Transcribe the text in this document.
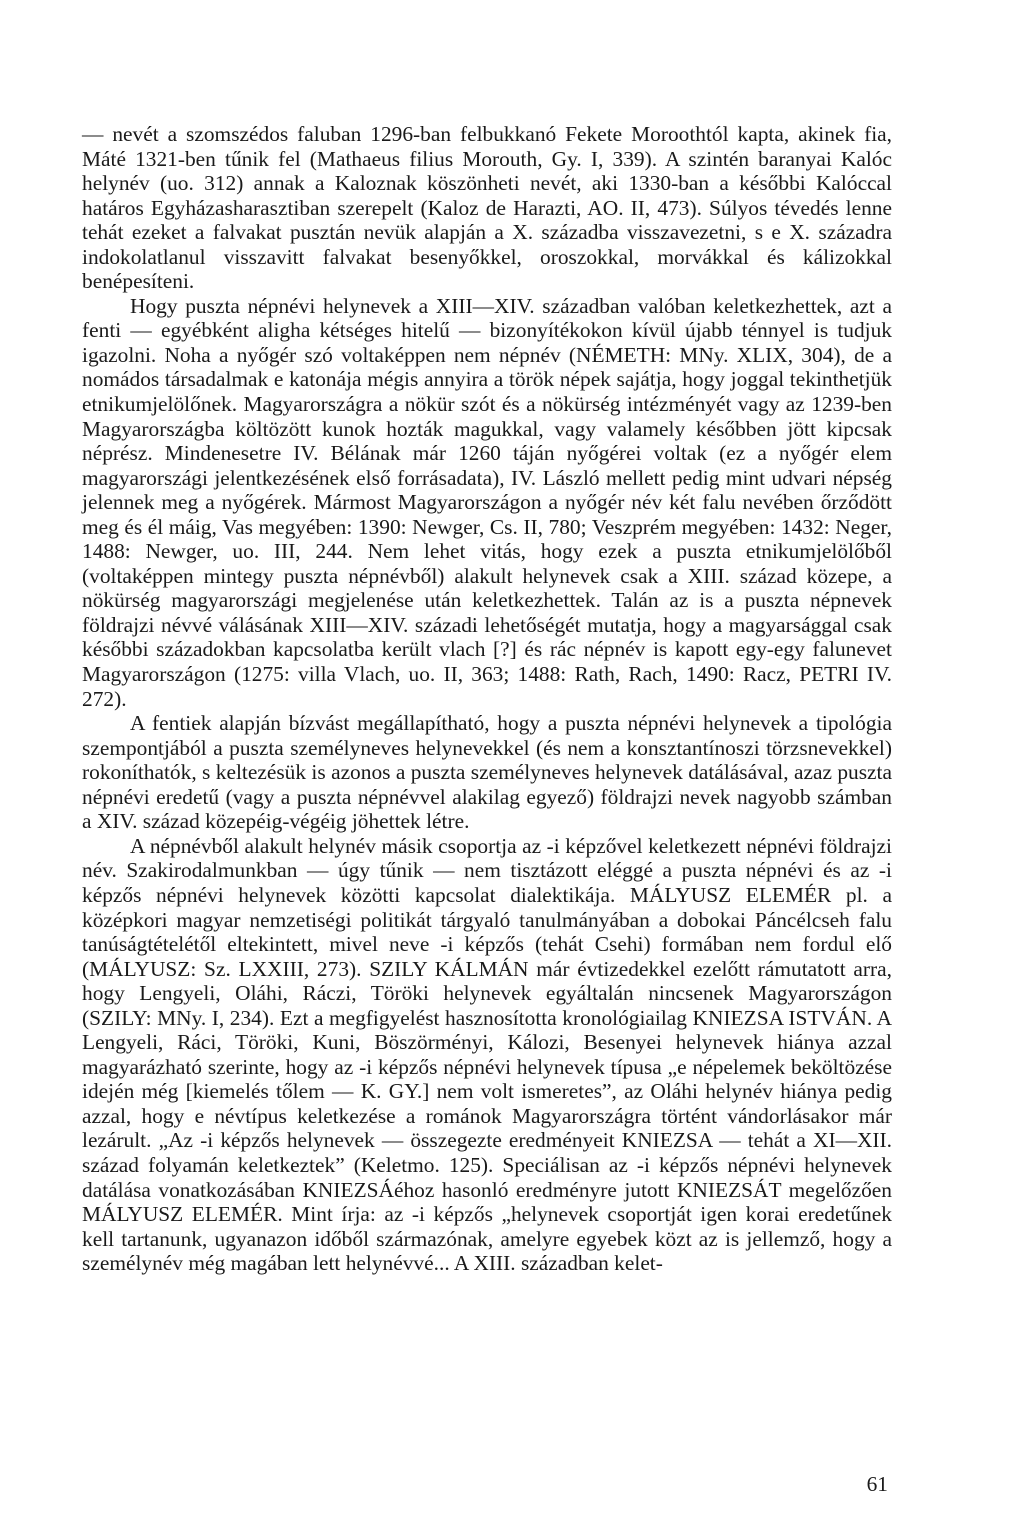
— nevét a szomszédos faluban 1296-ban felbukkanó Fekete Moroothtól kapta, akinek fia, Máté 1321-ben tűnik fel (Mathaeus filius Morouth, Gy. I, 339). A szintén baranyai Kalóc helynév (uo. 312) annak a Kaloznak köszönheti nevét, aki 1330-ban a későbbi Kalóccal határos Egyházasharasztiban szerepelt (Kaloz de Harazti, AO. II, 473). Súlyos tévedés lenne tehát ezeket a falvakat pusztán nevük alapján a X. századba visszavezetni, s e X. századra indokolatlanul visszavitt falvakat besenyőkkel, oroszokkal, morvákkal és kálizokkal benépesíteni.

Hogy puszta népnévi helynevek a XIII—XIV. században valóban keletkezhettek, azt a fenti — egyébként aligha kétséges hitelű — bizonyítékokon kívül újabb ténnyel is tudjuk igazolni. Noha a nyőgér szó voltaképpen nem népnév (NÉMETH: MNy. XLIX, 304), de a nomádos társadalmak e katonája mégis annyira a török népek sajátja, hogy joggal tekinthetjük etnikumjelölőnek. Magyarországra a nökür szót és a nökürség intézményét vagy az 1239-ben Magyarországba költözött kunok hozták magukkal, vagy valamely későbben jött kipcsak néprész. Mindenesetre IV. Bélának már 1260 táján nyőgérei voltak (ez a nyőgér elem magyarországi jelentkezésének első forrásadata), IV. László mellett pedig mint udvari népség jelennek meg a nyőgérek. Mármost Magyarországon a nyőgér név két falu nevében őrződött meg és él máig, Vas megyében: 1390: Newger, Cs. II, 780; Veszprém megyében: 1432: Neger, 1488: Newger, uo. III, 244. Nem lehet vitás, hogy ezek a puszta etnikumjelölőből (voltaképpen mintegy puszta népnévből) alakult helynevek csak a XIII. század közepe, a nökürség magyarországi megjelenése után keletkezhettek. Talán az is a puszta népnevek földrajzi névvé válásának XIII—XIV. századi lehetőségét mutatja, hogy a magyarsággal csak későbbi századokban kapcsolatba került vlach [?] és rác népnév is kapott egy-egy falunevet Magyarországon (1275: villa Vlach, uo. II, 363; 1488: Rath, Rach, 1490: Racz, PETRI IV. 272).

A fentiek alapján bízvást megállapítható, hogy a puszta népnévi helynevek a tipológia szempontjából a puszta személyneves helynevekkel (és nem a konsztantínoszi törzsnevekkel) rokoníthatók, s keltezésük is azonos a puszta személyneves helynevek datálásával, azaz puszta népnévi eredetű (vagy a puszta népnévvel alakilag egyező) földrajzi nevek nagyobb számban a XIV. század közepéig-végéig jöhettek létre.

A népnévből alakult helynév másik csoportja az -i képzővel keletkezett népnévi földrajzi név. Szakirodalmunkban — úgy tűnik — nem tisztázott eléggé a puszta népnévi és az -i képzős népnévi helynevek közötti kapcsolat dialektikája. MÁLYUSZ ELEMÉR pl. a középkori magyar nemzetiségi politikát tárgyaló tanulmányában a dobokai Páncélcseh falu tanúságtételétől eltekintett, mivel neve -i képzős (tehát Csehi) formában nem fordul elő (MÁLYUSZ: Sz. LXXIII, 273). SZILY KÁLMÁN már évtizedekkel ezelőtt rámutatott arra, hogy Lengyeli, Oláhi, Ráczi, Töröki helynevek egyáltalán nincsenek Magyarországon (SZILY: MNy. I, 234). Ezt a megfigyelést hasznosította kronológiailag KNIEZSA ISTVÁN. A Lengyeli, Ráci, Töröki, Kuni, Böszörményi, Kálozi, Besenyei helynevek hiánya azzal magyarázható szerinte, hogy az -i képzős népnévi helynevek típusa „e népelemek beköltözése idején még [kiemelés tőlem — K. GY.] nem volt ismeretes”, az Oláhi helynév hiánya pedig azzal, hogy e névtípus keletkezése a románok Magyarországra történt vándorlásakor már lezárult. „Az -i képzős helynevek — összegezte eredményeit KNIEZSA — tehát a XI—XII. század folyamán keletkeztek” (Keletmo. 125). Speciálisan az -i képzős népnévi helynevek datálása vonatkozásában KNIEZSÁéhoz hasonló eredményre jutott KNIEZSÁT megelőzően MÁLYUSZ ELEMÉR. Mint írja: az -i képzős „helynevek csoportját igen korai eredetűnek kell tartanunk, ugyanazon időből származónak, amelyre egyebek közt az is jellemző, hogy a személynév még magában lett helynévvé... A XIII. században kelet-

61
